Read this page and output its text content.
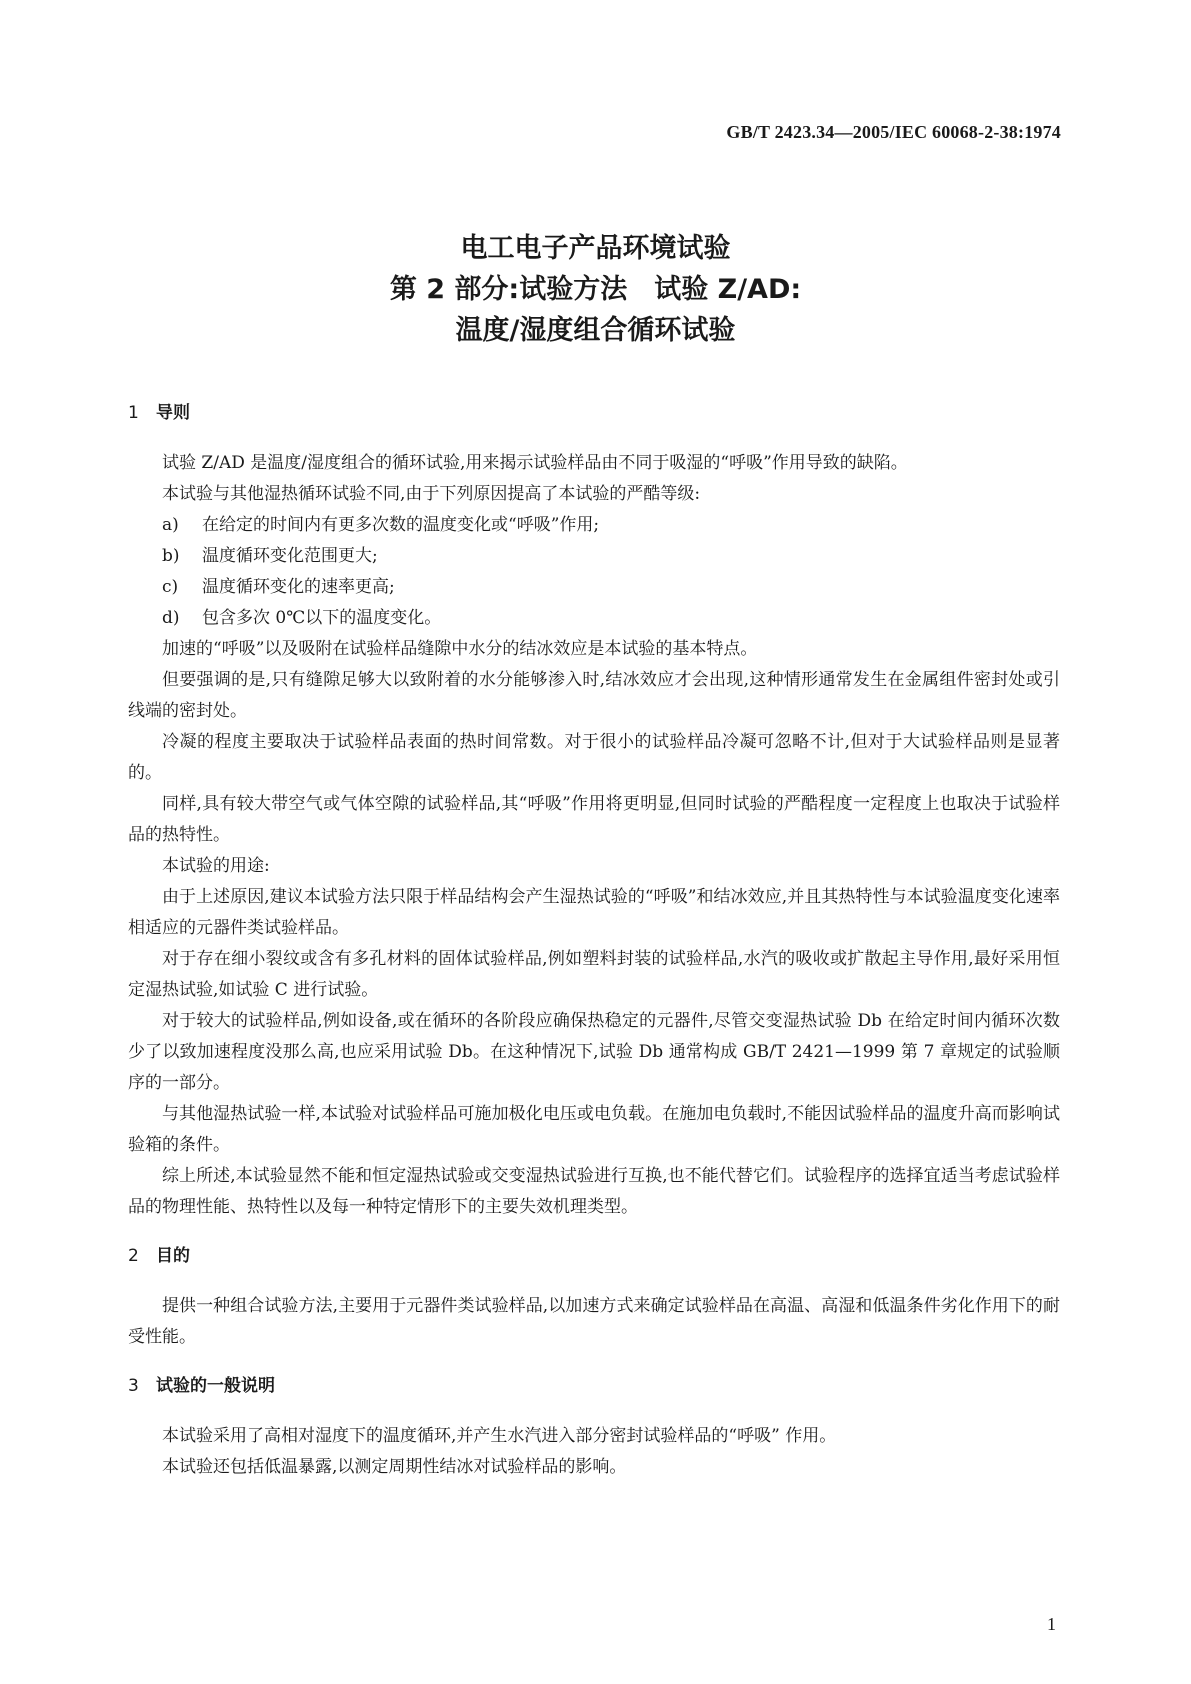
GB/T 2423.34—2005/IEC 60068-2-38:1974
电工电子产品环境试验
第 2 部分:试验方法　试验 Z/AD:
温度/湿度组合循环试验
1 导则

试验 Z/AD 是温度/湿度组合的循环试验,用来揭示试验样品由不同于吸湿的“呼吸”作用导致的缺陷。

本试验与其他湿热循环试验不同,由于下列原因提高了本试验的严酷等级:

a) 在给定的时间内有更多次数的温度变化或“呼吸”作用;

b) 温度循环变化范围更大;

c) 温度循环变化的速率更高;

d) 包含多次 0℃以下的温度变化。

加速的“呼吸”以及吸附在试验样品缝隙中水分的结冰效应是本试验的基本特点。

但要强调的是,只有缝隙足够大以致附着的水分能够渗入时,结冰效应才会出现,这种情形通常发生在金属组件密封处或引线端的密封处。

冷凝的程度主要取决于试验样品表面的热时间常数。对于很小的试验样品冷凝可忽略不计,但对于大试验样品则是显著的。

同样,具有较大带空气或气体空隙的试验样品,其“呼吸”作用将更明显,但同时试验的严酷程度一定程度上也取决于试验样品的热特性。

本试验的用途:

由于上述原因,建议本试验方法只限于样品结构会产生湿热试验的“呼吸”和结冰效应,并且其热特性与本试验温度变化速率相适应的元器件类试验样品。

对于存在细小裂纹或含有多孔材料的固体试验样品,例如塑料封装的试验样品,水汽的吸收或扩散起主导作用,最好采用恒定湿热试验,如试验 C 进行试验。

对于较大的试验样品,例如设备,或在循环的各阶段应确保热稳定的元器件,尽管交变湿热试验 Db 在给定时间内循环次数少了以致加速程度没那么高,也应采用试验 Db。在这种情况下,试验 Db 通常构成 GB/T 2421—1999 第 7 章规定的试验顺序的一部分。

与其他湿热试验一样,本试验对试验样品可施加极化电压或电负载。在施加电负载时,不能因试验样品的温度升高而影响试验箱的条件。

综上所述,本试验显然不能和恒定湿热试验或交变湿热试验进行互换,也不能代替它们。试验程序的选择宜适当考虑试验样品的物理性能、热特性以及每一种特定情形下的主要失效机理类型。

2 目的

提供一种组合试验方法,主要用于元器件类试验样品,以加速方式来确定试验样品在高温、高湿和低温条件劣化作用下的耐受性能。

3 试验的一般说明

本试验采用了高相对湿度下的温度循环,并产生水汽进入部分密封试验样品的“呼吸” 作用。

本试验还包括低温暴露,以测定周期性结冰对试验样品的影响。

1
